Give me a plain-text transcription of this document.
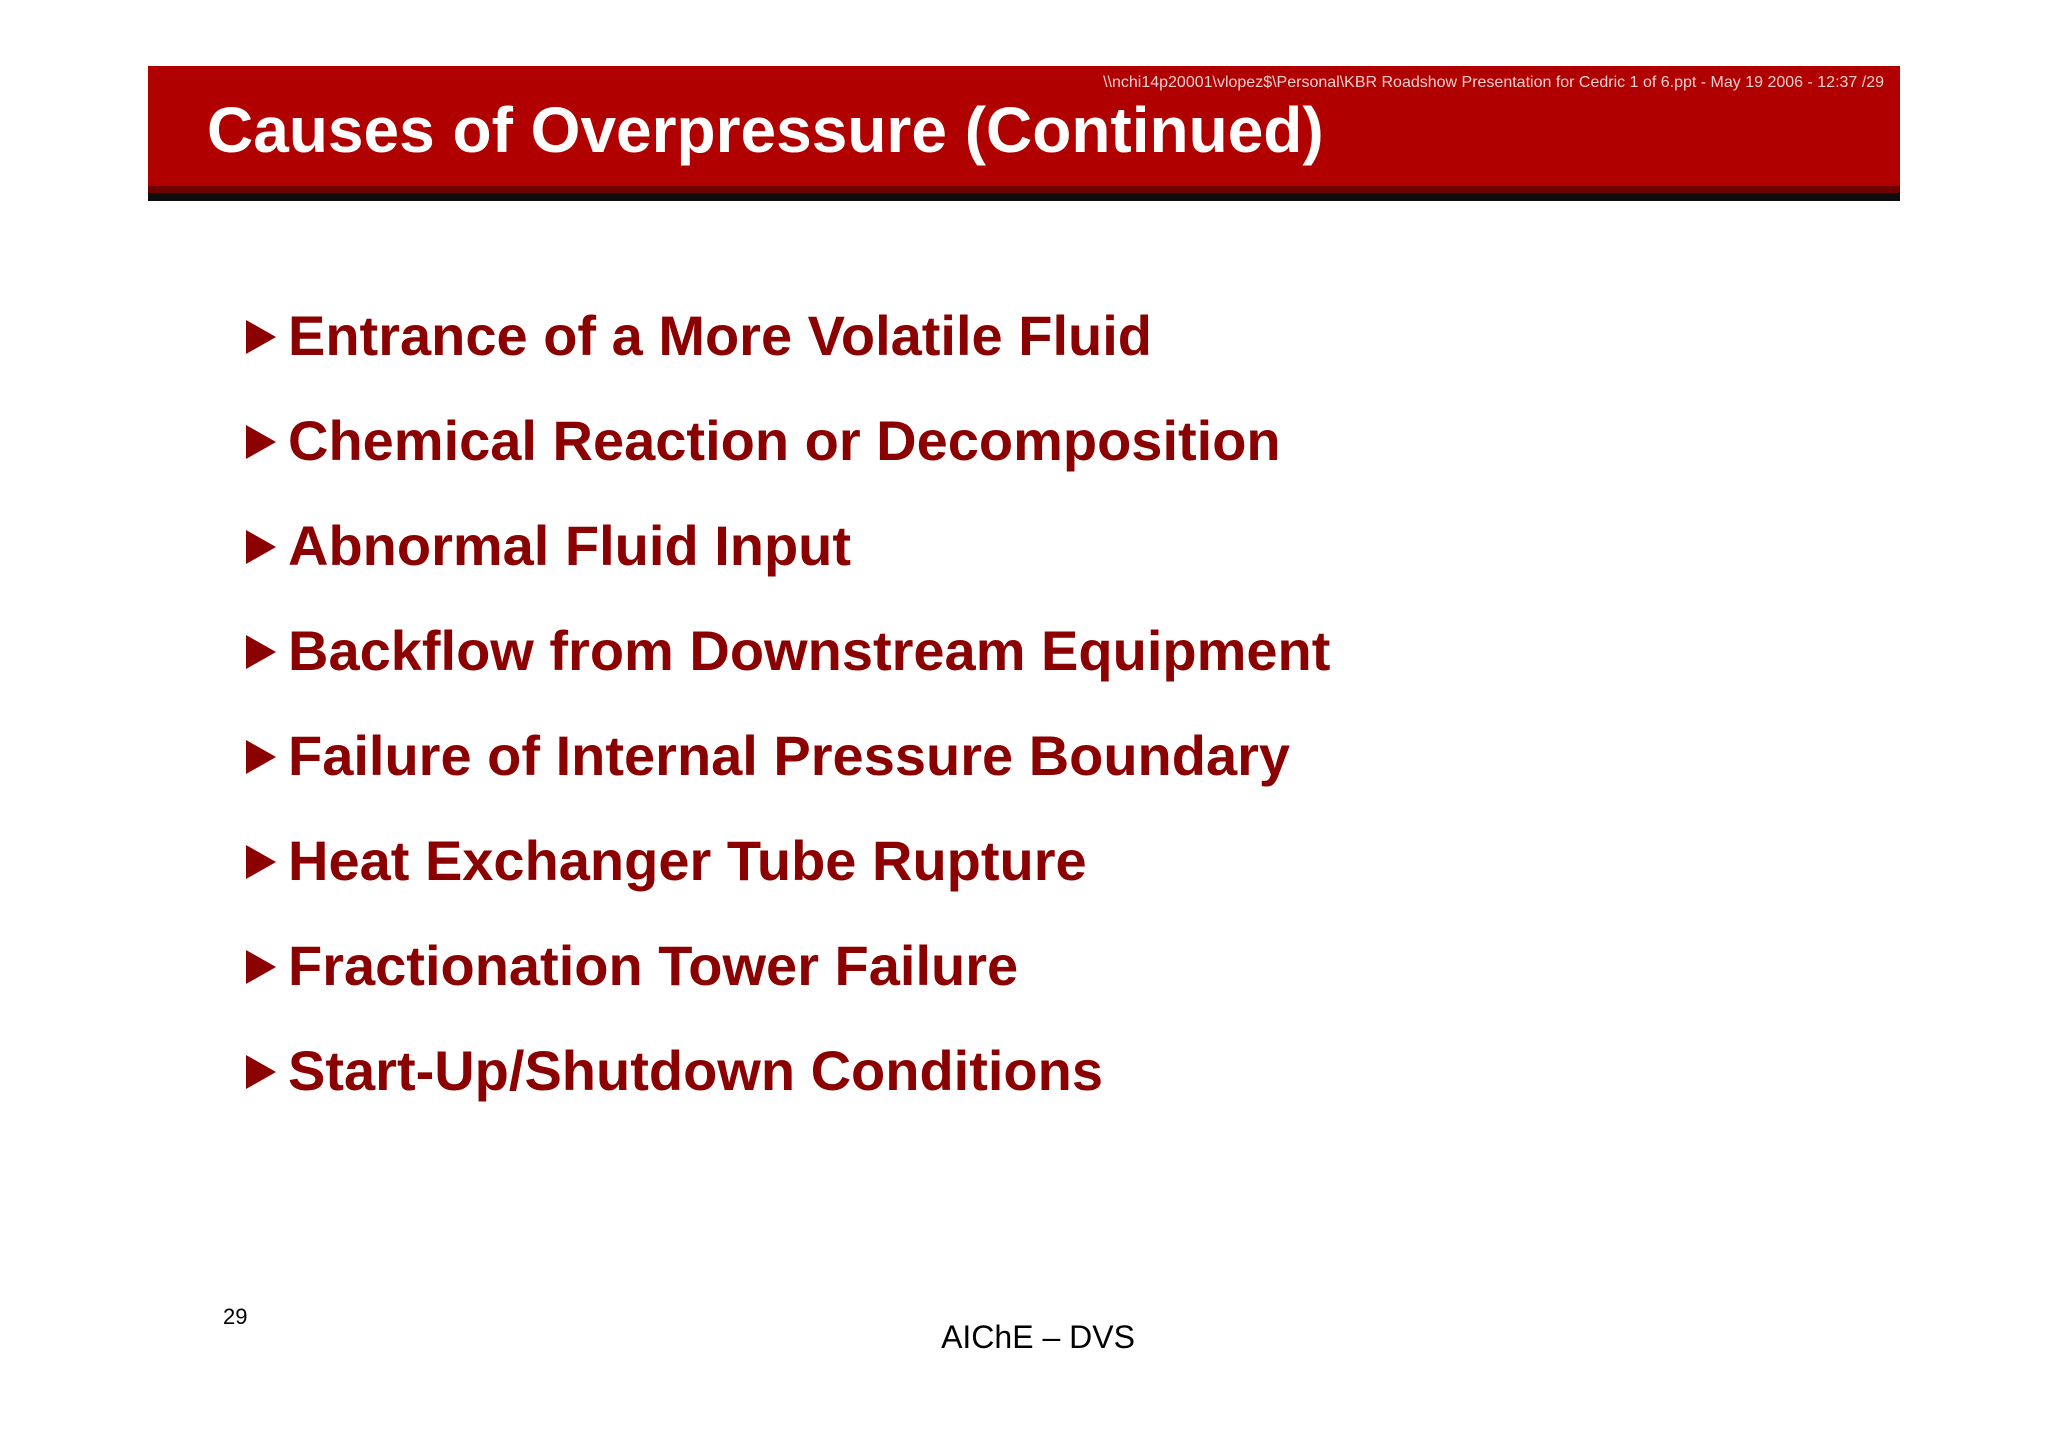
\\nchi14p20001\vlopez$\Personal\KBR Roadshow Presentation for Cedric 1 of 6.ppt - May 19 2006 - 12:37 /29
Causes of Overpressure (Continued)
Entrance of a More Volatile Fluid
Chemical Reaction or Decomposition
Abnormal Fluid Input
Backflow from Downstream Equipment
Failure of Internal Pressure Boundary
Heat Exchanger Tube Rupture
Fractionation Tower Failure
Start-Up/Shutdown Conditions
29
AIChE – DVS
